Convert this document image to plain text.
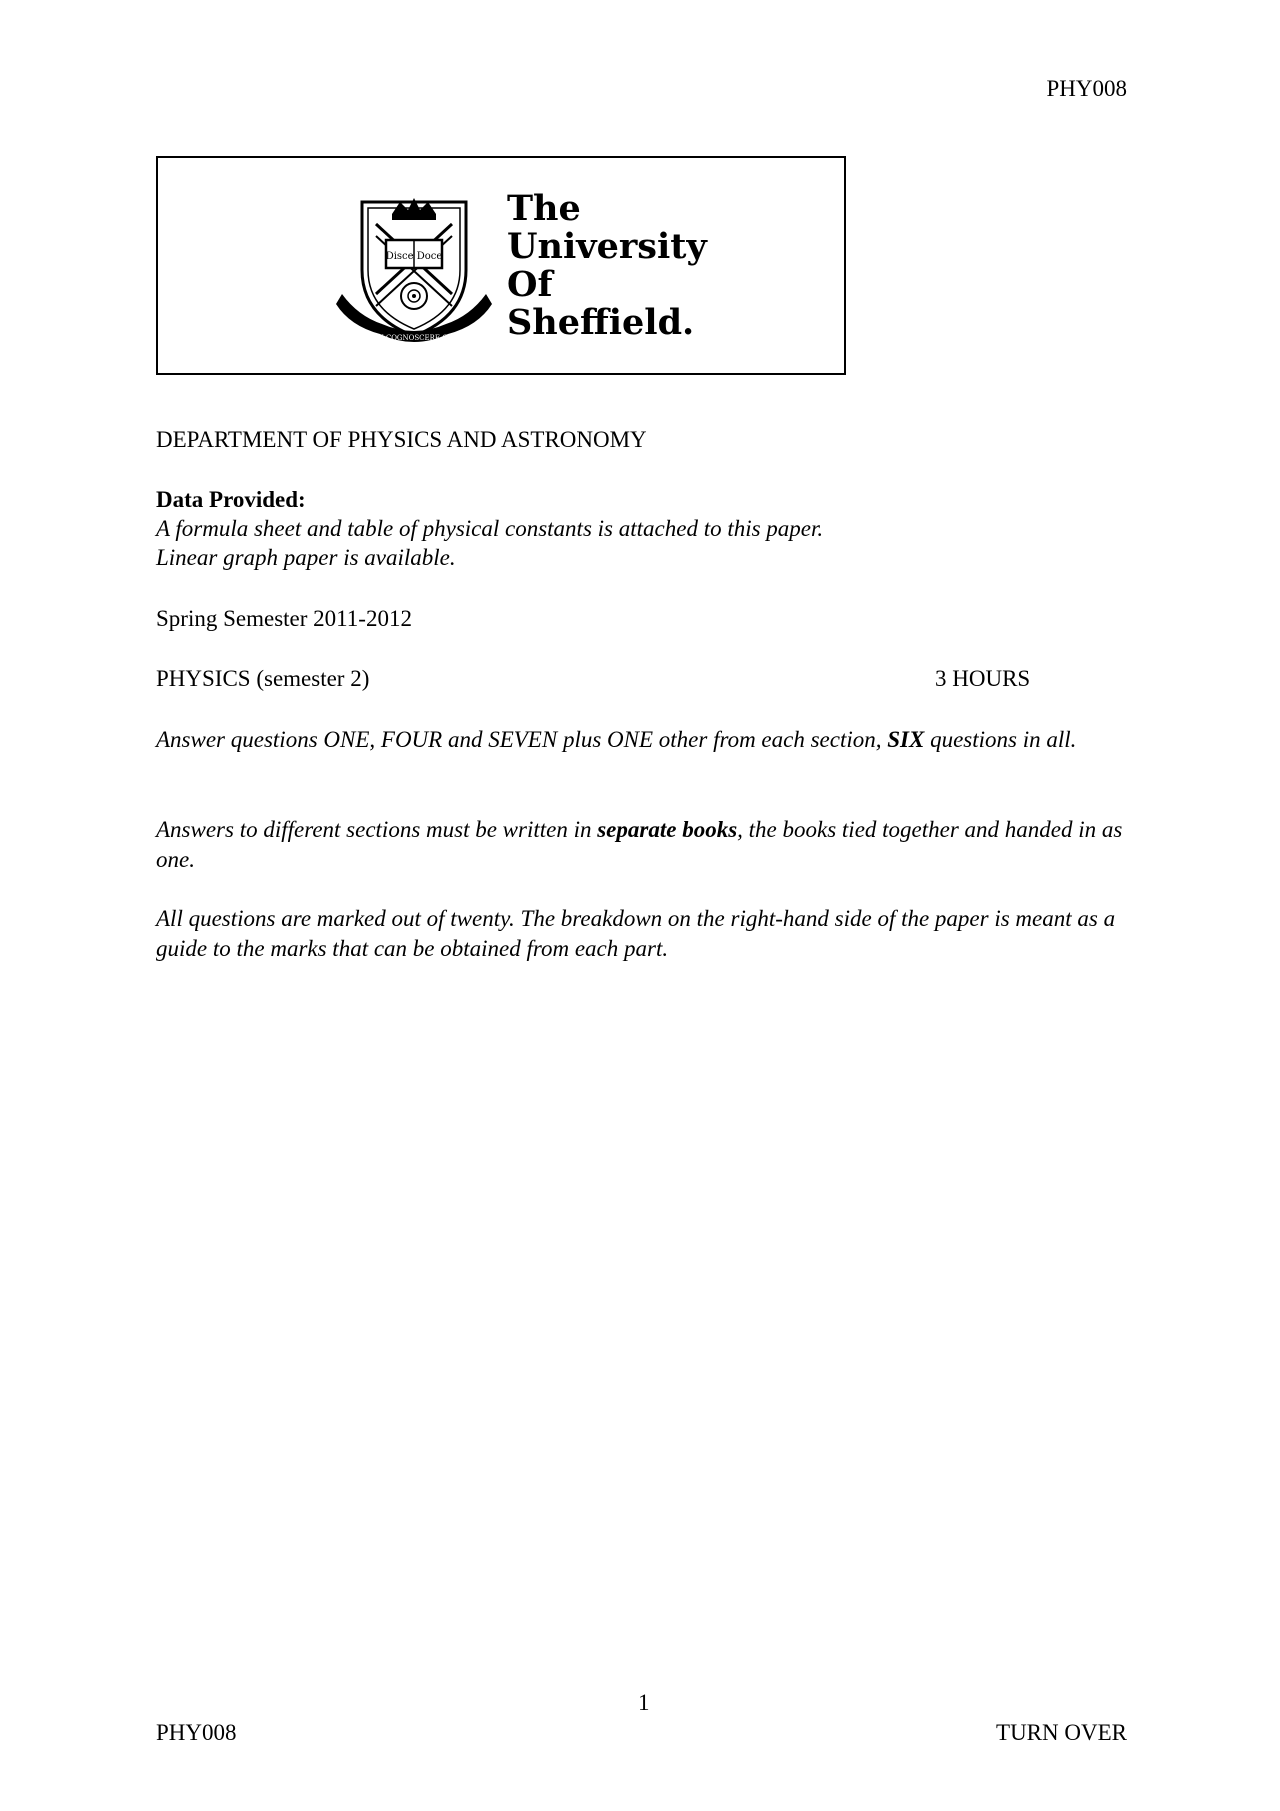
PHY008
Disce Doce
RERVM COGNOSCERE CAVSAS
The
University
Of
Sheffield.
DEPARTMENT OF PHYSICS AND ASTRONOMY
Data Provided:
A formula sheet and table of physical constants is attached to this paper.
Linear graph paper is available.
Spring Semester 2011-2012
PHYSICS (semester 2)	3 HOURS
Answer questions ONE, FOUR and SEVEN plus ONE other from each section, SIX questions in all.
Answers to different sections must be written in separate books, the books tied together and handed in as one.
All questions are marked out of twenty. The breakdown on the right-hand side of the paper is meant as a guide to the marks that can be obtained from each part.
1
PHY008	TURN OVER
